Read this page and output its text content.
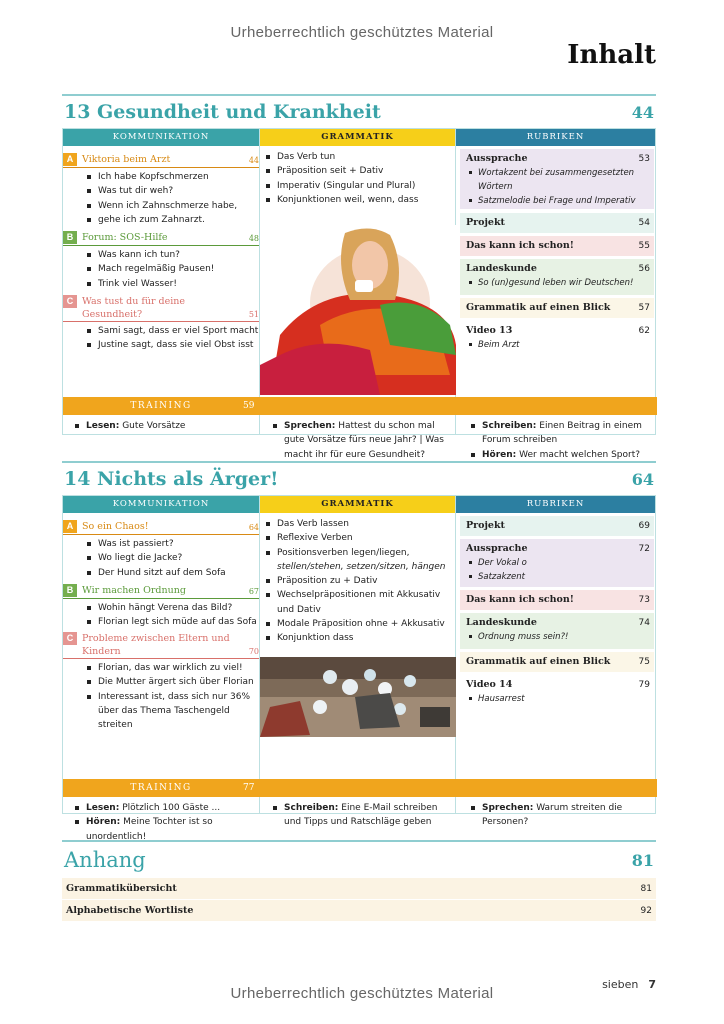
Urheberrechtlich geschütztes Material
Inhalt
13 Gesundheit und Krankheit	44
KOMMUNIKATION
A Viktoria beim Arzt	44
Ich habe Kopfschmerzen
Was tut dir weh?
Wenn ich Zahnschmerze habe,
gehe ich zum Zahnarzt.
B Forum: SOS-Hilfe	48
Was kann ich tun?
Mach regelmäßig Pausen!
Trink viel Wasser!
C Was tust du für deine Gesundheit?	51
Sami sagt, dass er viel Sport macht
Justine sagt, dass sie viel Obst isst
GRAMMATIK
Das Verb tun
Präposition seit + Dativ
Imperativ (Singular und Plural)
Konjunktionen weil, wenn, dass
RUBRIKEN
Aussprache	53
Wortakzent bei zusammengesetzten Wörtern
Satzmelodie bei Frage und Imperativ
Projekt	54
Das kann ich schon!	55
Landeskunde	56
So (un)gesund leben wir Deutschen!
Grammatik auf einen Blick	57
Video 13	62
Beim Arzt
TRAINING	59
Lesen: Gute Vorsätze	Sprechen: Hattest du schon mal gute Vorsätze fürs neue Jahr? | Was macht ihr für eure Gesundheit?
Schreiben: Einen Beitrag in einem Forum schreiben
Hören: Wer macht welchen Sport?
14 Nichts als Ärger!	64
KOMMUNIKATION
A So ein Chaos!	64
Was ist passiert?
Wo liegt die Jacke?
Der Hund sitzt auf dem Sofa
B Wir machen Ordnung	67
Wohin hängt Verena das Bild?
Florian legt sich müde auf das Sofa
C Probleme zwischen Eltern und Kindern	70
Florian, das war wirklich zu viel!
Die Mutter ärgert sich über Florian
Interessant ist, dass sich nur 36%
über das Thema Taschengeld
streiten
GRAMMATIK
Das Verb lassen
Reflexive Verben
Positionsverben legen/liegen,
stellen/stehen, setzen/sitzen, hängen
Präposition zu + Dativ
Wechselpräpositionen mit Akkusativ
und Dativ
Modale Präposition ohne + Akkusativ
Konjunktion dass
RUBRIKEN
Projekt	69
Aussprache	72
Der Vokal o
Satzakzent
Das kann ich schon!	73
Landeskunde	74
Ordnung muss sein?!
Grammatik auf einen Blick	75
Video 14	79
Hausarrest
TRAINING	77
Lesen: Plötzlich 100 Gäste ...
Hören: Meine Tochter ist so unordentlich!
Schreiben: Eine E-Mail schreiben und Tipps und Ratschläge geben
Sprechen: Warum streiten die Personen?
Anhang	81
Grammatikübersicht	81
Alphabetische Wortliste	92
sieben 7
Urheberrechtlich geschütztes Material
